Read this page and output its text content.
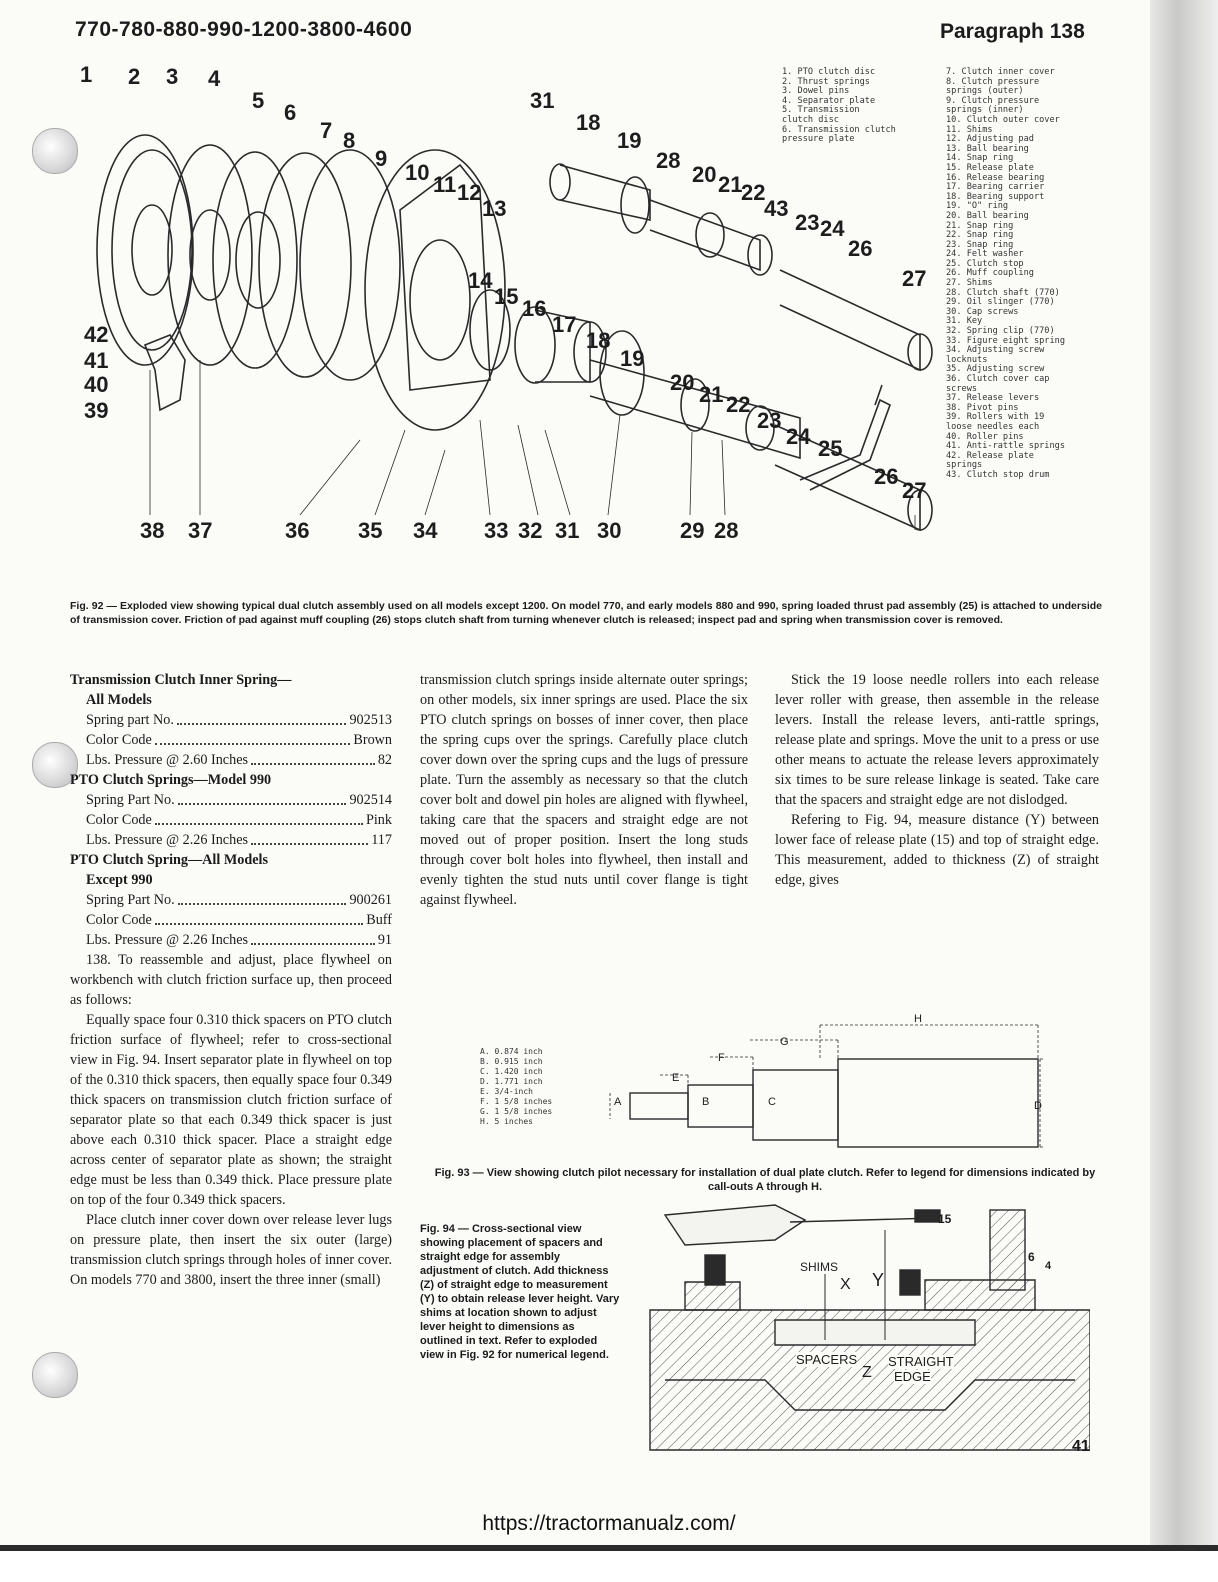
770-780-880-990-1200-3800-4600	Paragraph 138
1 2 3 4
5 6
7 8
9
10 11 12
13
14
15 16
17
18
19
20 21 22
23
24 25
26
27
31
18
19
28
20 21
22
43
23 24
26
27
42
41
40
39
38 37	36 35 34 33 32 31 30	29 28
1. PTO clutch disc
2. Thrust springs
3. Dowel pins
4. Separator plate
5. Transmission
clutch disc
6. Transmission clutch
pressure plate
7. Clutch inner cover
8. Clutch pressure
springs (outer)
9. Clutch pressure
springs (inner)
10. Clutch outer cover
11. Shims
12. Adjusting pad
13. Ball bearing
14. Snap ring
15. Release plate
16. Release bearing
17. Bearing carrier
18. Bearing support
19. "O" ring
20. Ball bearing
21. Snap ring
22. Snap ring
23. Snap ring
24. Felt washer
25. Clutch stop
26. Muff coupling
27. Shims
28. Clutch shaft (770)
29. Oil slinger (770)
30. Cap screws
31. Key
32. Spring clip (770)
33. Figure eight spring
34. Adjusting screw
locknuts
35. Adjusting screw
36. Clutch cover cap
screws
37. Release levers
38. Pivot pins
39. Rollers with 19
loose needles each
40. Roller pins
41. Anti-rattle springs
42. Release plate
springs
43. Clutch stop drum
Fig. 92 — Exploded view showing typical dual clutch assembly used on all models except 1200. On model 770, and early models 880 and 990, spring loaded thrust pad assembly (25) is attached to underside of transmission cover. Friction of pad against muff coupling (26) stops clutch shaft from turning whenever clutch is released; inspect pad and spring when transmission cover is removed.
Transmission Clutch Inner Spring—
All Models
Spring part No.	902513
Color Code	Brown
Lbs. Pressure @ 2.60 Inches	82
PTO Clutch Springs—Model 990
Spring Part No.	902514
Color Code	Pink
Lbs. Pressure @ 2.26 Inches	117
PTO Clutch Spring—All Models
Except 990
Spring Part No.	900261
Color Code	Buff
Lbs. Pressure @ 2.26 Inches	91

138. To reassemble and adjust, place flywheel on workbench with clutch friction surface up, then proceed as follows:

Equally space four 0.310 thick spacers on PTO clutch friction surface of flywheel; refer to cross-sectional view in Fig. 94. Insert separator plate in flywheel on top of the 0.310 thick spacers, then equally space four 0.349 thick spacers on transmission clutch friction surface of separator plate so that each 0.349 thick spacer is just above each 0.310 thick spacer. Place a straight edge across center of separator plate as shown; the straight edge must be less than 0.349 thick. Place pressure plate on top of the four 0.349 thick spacers.

Place clutch inner cover down over release lever lugs on pressure plate, then insert the six outer (large) transmission clutch springs through holes of inner cover. On models 770 and 3800, insert the three inner (small)

transmission clutch springs inside alternate outer springs; on other models, six inner springs are used. Place the six PTO clutch springs on bosses of inner cover, then place the spring cups over the springs. Carefully place clutch cover down over the spring cups and the lugs of pressure plate. Turn the assembly as necessary so that the clutch cover bolt and dowel pin holes are aligned with flywheel, taking care that the spacers and straight edge are not moved out of proper position. Insert the long studs through cover bolt holes into flywheel, then install and evenly tighten the stud nuts until cover flange is tight against flywheel.

Stick the 19 loose needle rollers into each release lever roller with grease, then assemble in the release levers. Install the release levers, anti-rattle springs, release plate and springs. Move the unit to a press or use other means to actuate the release levers approximately six times to be sure release linkage is seated. Take care that the spacers and straight edge are not dislodged.

Refering to Fig. 94, measure distance (Y) between lower face of release plate (15) and top of straight edge. This measurement, added to thickness (Z) of straight edge, gives

A. 0.874 inch
B. 0.915 inch
C. 1.420 inch
D. 1.771 inch
E. 3/4-inch
F. 1 5/8 inches
G. 1 5/8 inches
H. 5 inches
H
G
F
E
A	B	C	D
Fig. 93 — View showing clutch pilot necessary for installation of dual plate clutch. Refer to legend for dimensions indicated by call-outs A through H.
Fig. 94 — Cross-sectional view showing placement of spacers and straight edge for assembly adjustment of clutch. Add thickness (Z) of straight edge to measurement (Y) to obtain release lever height. Vary shims at location shown to adjust lever height to dimensions as outlined in text. Refer to exploded view in Fig. 92 for numerical legend.
15
6
4
SHIMS
X Y
SPACERS
Z
STRAIGHT
EDGE
41
https://tractormanualz.com/
